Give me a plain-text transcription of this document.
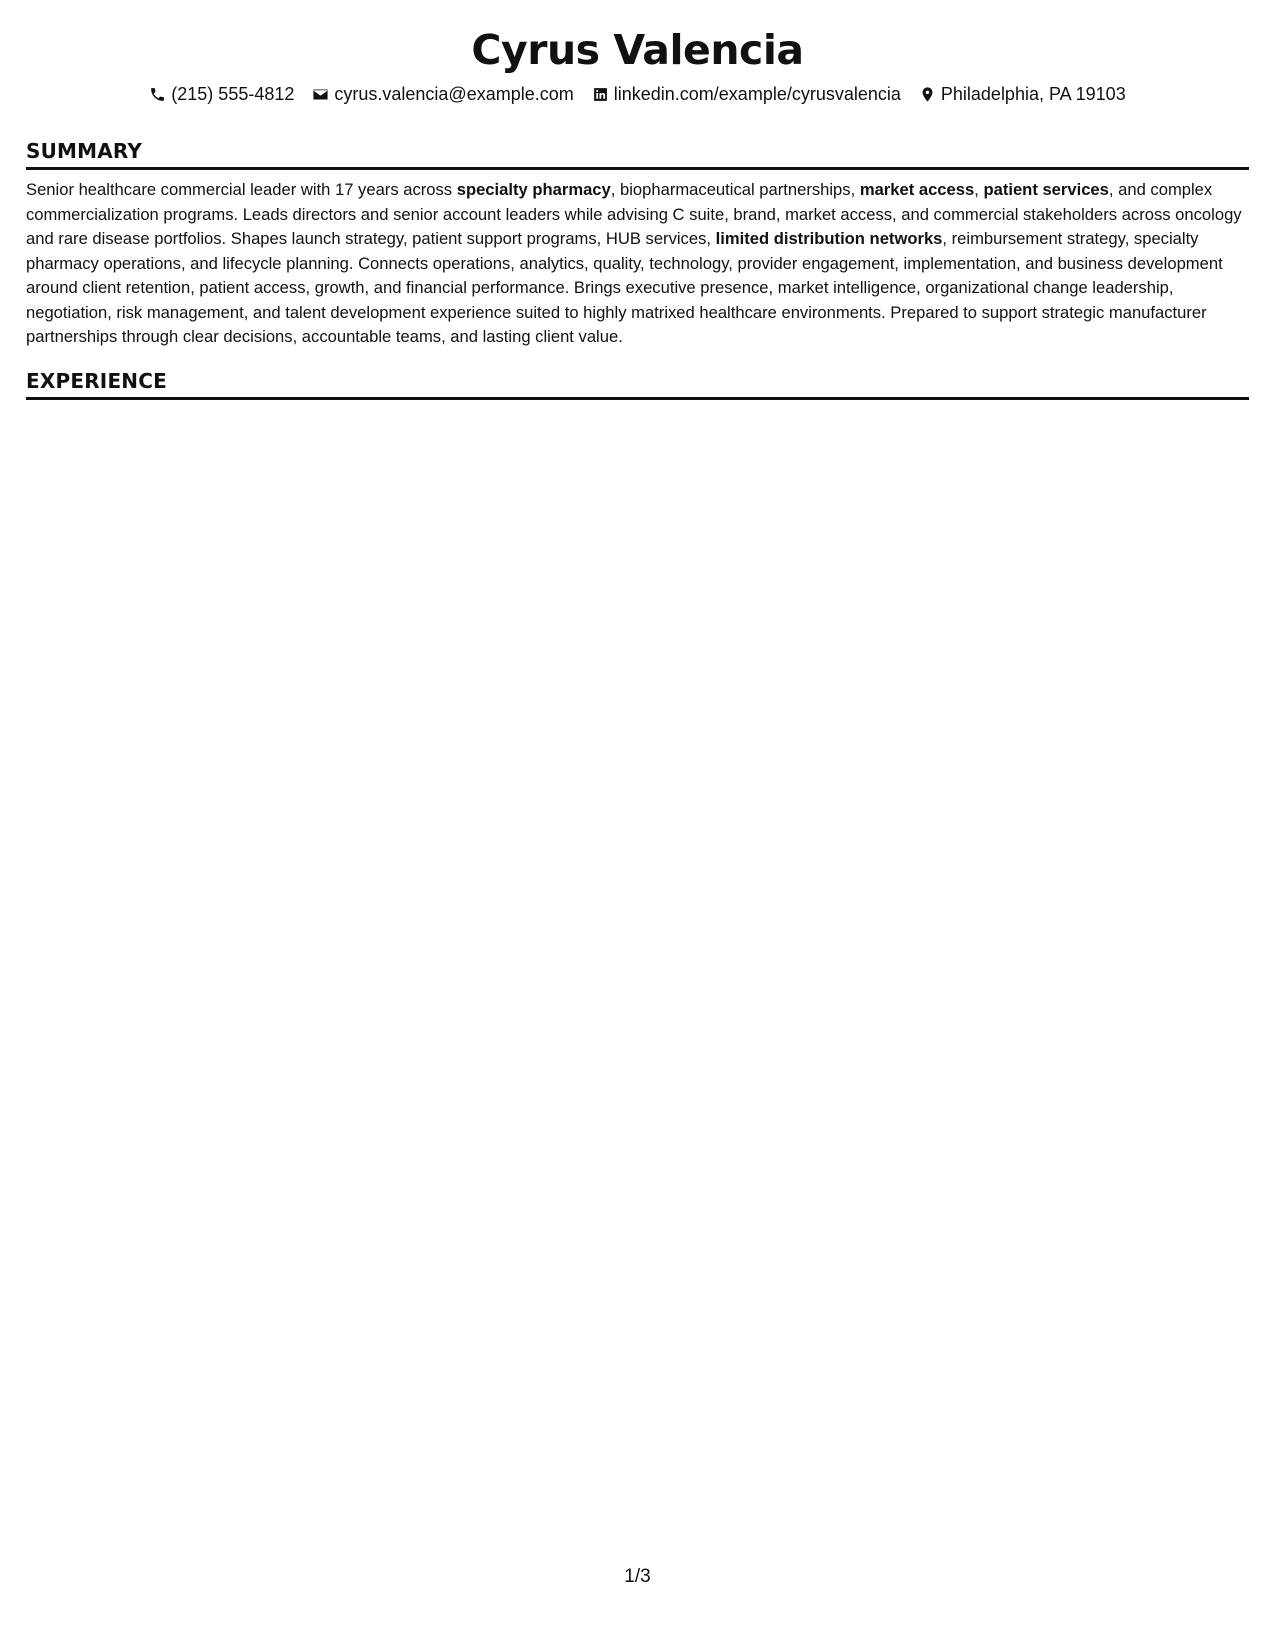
Cyrus Valencia
(215) 555-4812 cyrus.valencia@example.com linkedin.com/example/cyrusvalencia Philadelphia, PA 19103
SUMMARY

Senior healthcare commercial leader with 17 years across specialty pharmacy, biopharmaceutical partnerships, market access, patient services, and complex commercialization programs. Leads directors and senior account leaders while advising C suite, brand, market access, and commercial stakeholders across oncology and rare disease portfolios. Shapes launch strategy, patient support programs, HUB services, limited distribution networks, reimbursement strategy, specialty pharmacy operations, and lifecycle planning. Connects operations, analytics, quality, technology, provider engagement, implementation, and business development around client retention, patient access, growth, and financial performance. Brings executive presence, market intelligence, organizational change leadership, negotiation, risk management, and talent development experience suited to highly matrixed healthcare environments. Prepared to support strategic manufacturer partnerships through clear decisions, accountable teams, and lasting client value.

EXPERIENCE
1/3
